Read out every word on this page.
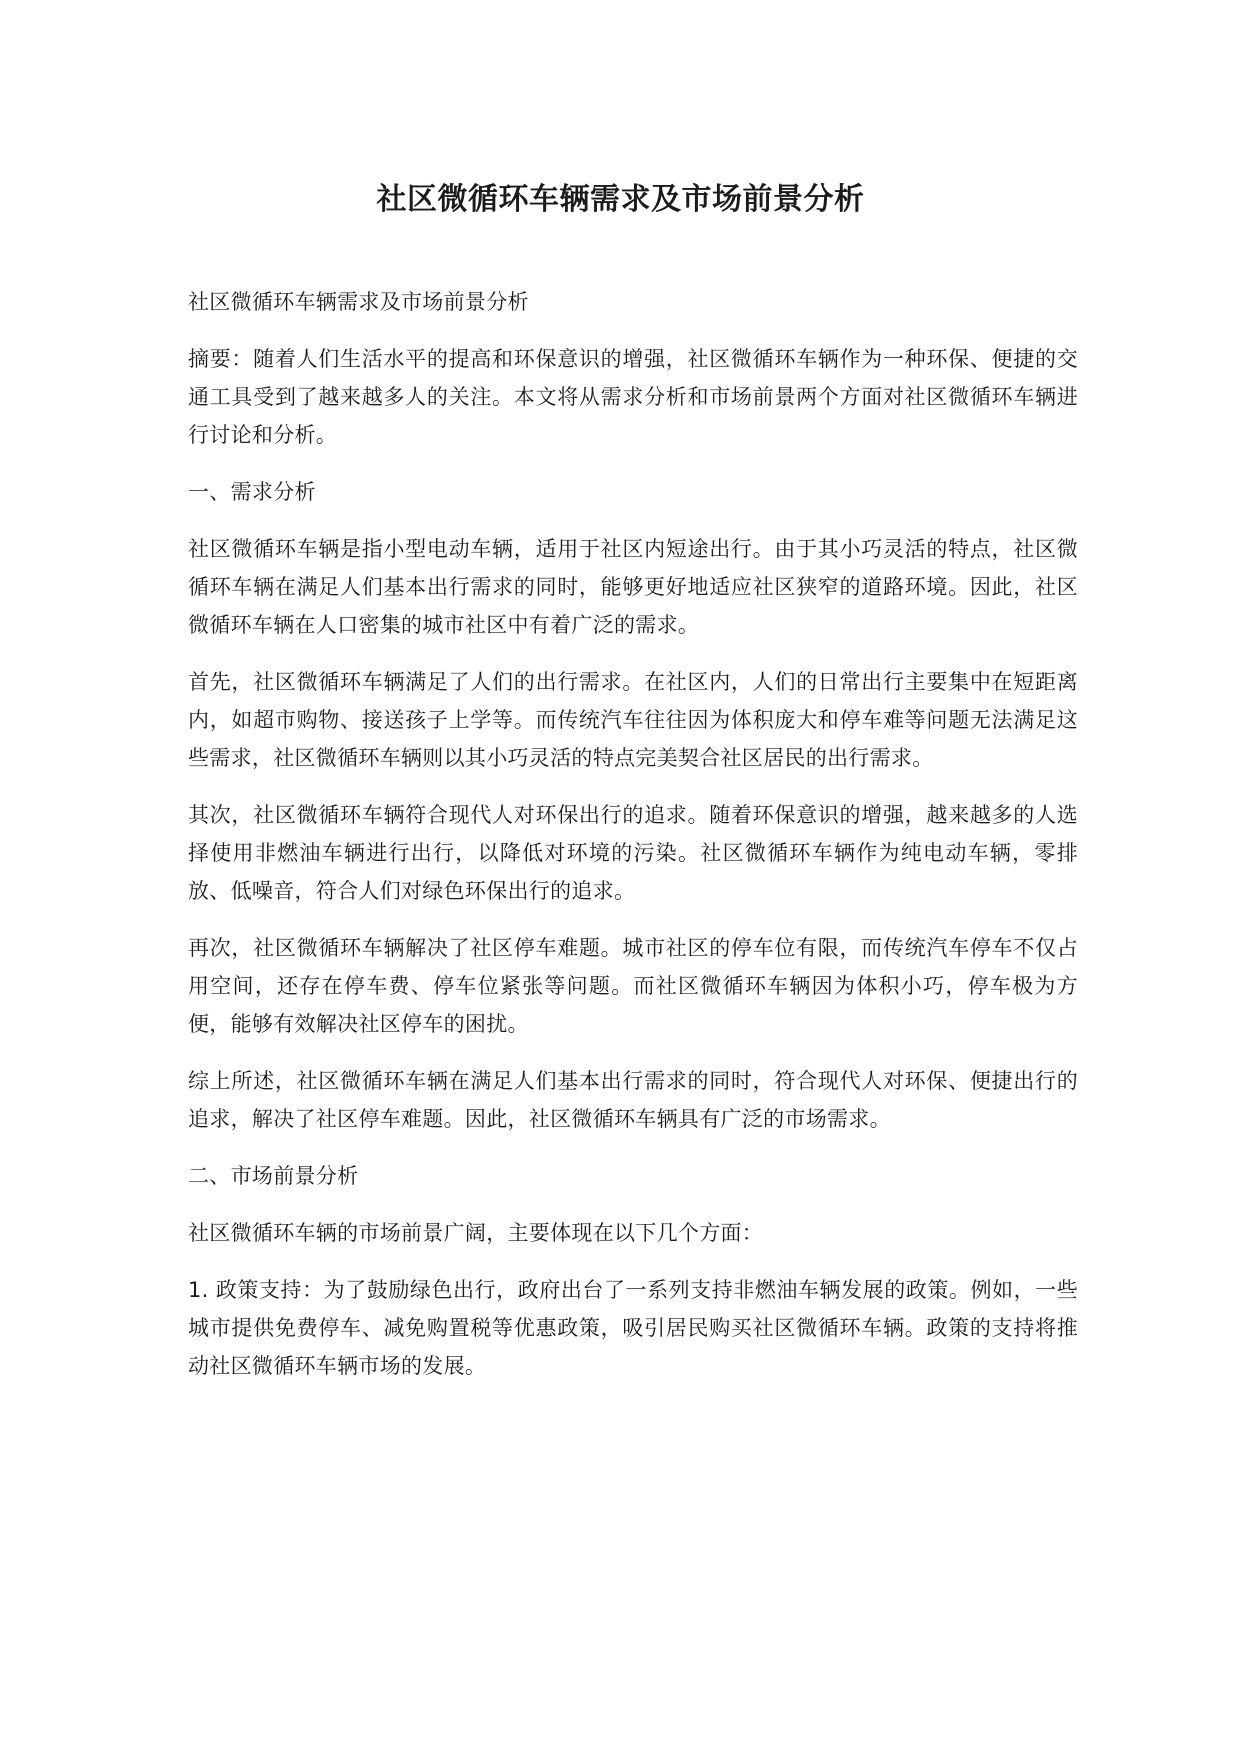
社区微循环车辆需求及市场前景分析

社区微循环车辆需求及市场前景分析

摘要：随着人们生活水平的提高和环保意识的增强，社区微循环车辆作为一种环保、便捷的交通工具受到了越来越多人的关注。本文将从需求分析和市场前景两个方面对社区微循环车辆进行讨论和分析。

一、需求分析

社区微循环车辆是指小型电动车辆，适用于社区内短途出行。由于其小巧灵活的特点，社区微循环车辆在满足人们基本出行需求的同时，能够更好地适应社区狭窄的道路环境。因此，社区微循环车辆在人口密集的城市社区中有着广泛的需求。

首先，社区微循环车辆满足了人们的出行需求。在社区内，人们的日常出行主要集中在短距离内，如超市购物、接送孩子上学等。而传统汽车往往因为体积庞大和停车难等问题无法满足这些需求，社区微循环车辆则以其小巧灵活的特点完美契合社区居民的出行需求。

其次，社区微循环车辆符合现代人对环保出行的追求。随着环保意识的增强，越来越多的人选择使用非燃油车辆进行出行，以降低对环境的污染。社区微循环车辆作为纯电动车辆，零排放、低噪音，符合人们对绿色环保出行的追求。

再次，社区微循环车辆解决了社区停车难题。城市社区的停车位有限，而传统汽车停车不仅占用空间，还存在停车费、停车位紧张等问题。而社区微循环车辆因为体积小巧，停车极为方便，能够有效解决社区停车的困扰。

综上所述，社区微循环车辆在满足人们基本出行需求的同时，符合现代人对环保、便捷出行的追求，解决了社区停车难题。因此，社区微循环车辆具有广泛的市场需求。

二、市场前景分析

社区微循环车辆的市场前景广阔，主要体现在以下几个方面：

1. 政策支持：为了鼓励绿色出行，政府出台了一系列支持非燃油车辆发展的政策。例如，一些城市提供免费停车、减免购置税等优惠政策，吸引居民购买社区微循环车辆。政策的支持将推动社区微循环车辆市场的发展。
